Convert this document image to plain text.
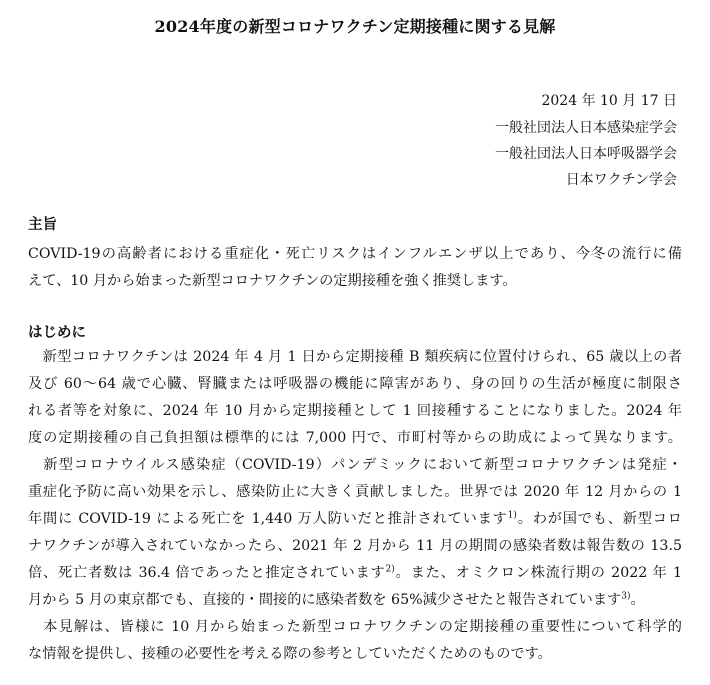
2024年度の新型コロナワクチン定期接種に関する見解
2024 年 10 月 17 日
一般社団法人日本感染症学会
一般社団法人日本呼吸器学会
日本ワクチン学会
主旨
COVID-19の高齢者における重症化・死亡リスクはインフルエンザ以上であり、今冬の流行に備
えて、10 月から始まった新型コロナワクチンの定期接種を強く推奨します。
はじめに
　新型コロナワクチンは 2024 年 4 月 1 日から定期接種 B 類疾病に位置付けられ、65 歳以上の者
及び 60〜64 歳で心臓、腎臓または呼吸器の機能に障害があり、身の回りの生活が極度に制限さ
れる者等を対象に、2024 年 10 月から定期接種として 1 回接種することになりました。2024 年
度の定期接種の自己負担額は標準的には 7,000 円で、市町村等からの助成によって異なります。
　新型コロナウイルス感染症（COVID-19）パンデミックにおいて新型コロナワクチンは発症・
重症化予防に高い効果を示し、感染防止に大きく貢献しました。世界では 2020 年 12 月からの 1
年間に COVID-19 による死亡を 1,440 万人防いだと推計されています$^{1)}$。わが国でも、新型コロ
ナワクチンが導入されていなかったら、2021 年 2 月から 11 月の期間の感染者数は報告数の 13.5
倍、死亡者数は 36.4 倍であったと推定されています$^{2)}$。また、オミクロン株流行期の 2022 年 1
月から 5 月の東京都でも、直接的・間接的に感染者数を 65%減少させたと報告されています$^{3)}$。
　本見解は、皆様に 10 月から始まった新型コロナワクチンの定期接種の重要性について科学的
な情報を提供し、接種の必要性を考える際の参考としていただくためのものです。
